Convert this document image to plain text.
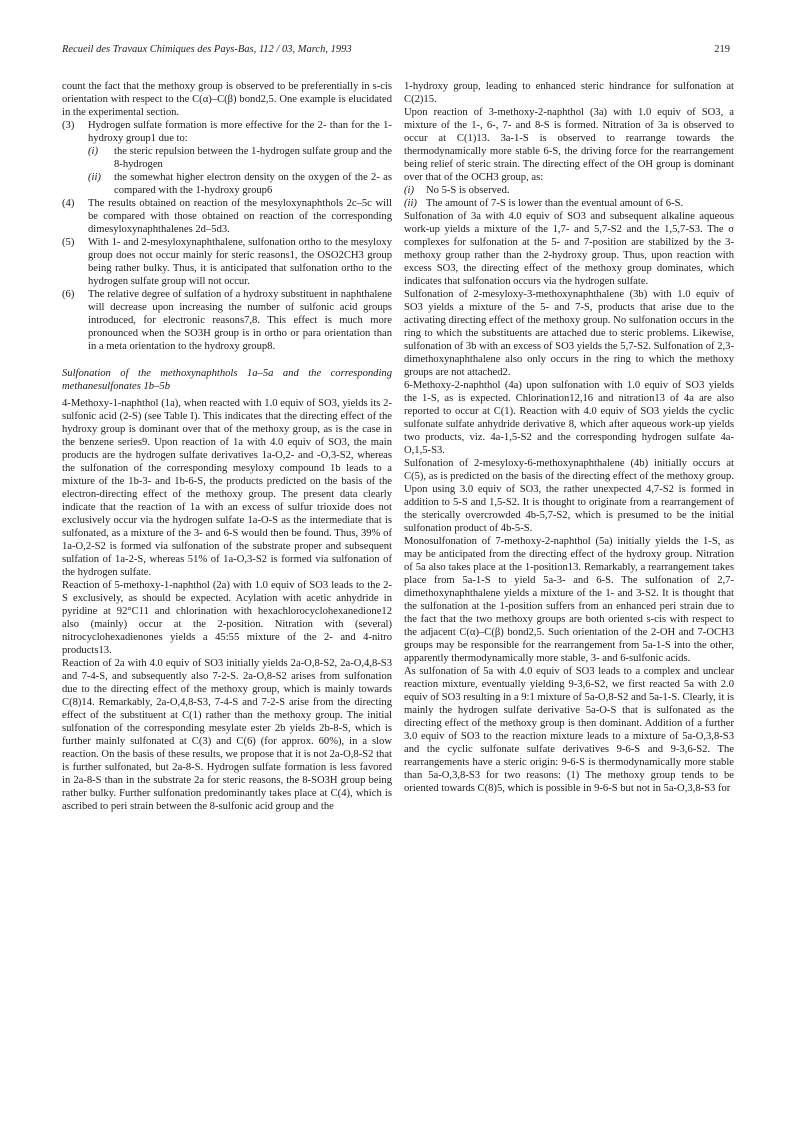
Recueil des Travaux Chimiques des Pays-Bas, 112 / 03, March, 1993	219
count the fact that the methoxy group is observed to be preferentially in s-cis orientation with respect to the C(α)–C(β) bond2,5. One example is elucidated in the experimental section.
(3)	Hydrogen sulfate formation is more effective for the 2- than for the 1-hydroxy group1 due to:
(i)	the steric repulsion between the 1-hydrogen sulfate group and the 8-hydrogen
(ii)	the somewhat higher electron density on the oxygen of the 2- as compared with the 1-hydroxy group6
(4)	The results obtained on reaction of the mesyloxynaphthols 2c–5c will be compared with those obtained on reaction of the corresponding dimesyloxynaphthalenes 2d–5d3.
(5)	With 1- and 2-mesyloxynaphthalene, sulfonation ortho to the mesyloxy group does not occur mainly for steric reasons1, the OSO2CH3 group being rather bulky. Thus, it is anticipated that sulfonation ortho to the hydrogen sulfate group will not occur.
(6)	The relative degree of sulfation of a hydroxy substituent in naphthalene will decrease upon increasing the number of sulfonic acid groups introduced, for electronic reasons7,8. This effect is much more pronounced when the SO3H group is in ortho or para orientation than in a meta orientation to the hydroxy group8.
Sulfonation of the methoxynaphthols 1a–5a and the corresponding methanesulfonates 1b–5b
4-Methoxy-1-naphthol (1a), when reacted with 1.0 equiv of SO3, yields its 2-sulfonic acid (2-S) (see Table I). This indicates that the directing effect of the hydroxy group is dominant over that of the methoxy group, as is the case in the benzene series9. Upon reaction of 1a with 4.0 equiv of SO3, the main products are the hydrogen sulfate derivatives 1a-O,2- and -O,3-S2, whereas the sulfonation of the corresponding mesyloxy compound 1b leads to a mixture of the 1b-3- and 1b-6-S, the products predicted on the basis of the electron-directing effect of the methoxy group. The present data clearly indicate that the reaction of 1a with an excess of sulfur trioxide does not exclusively occur via the hydrogen sulfate 1a-O-S as the intermediate that is sulfonated, as a mixture of the 3- and 6-S would then be found. Thus, 39% of 1a-O,2-S2 is formed via sulfonation of the substrate proper and subsequent sulfation of 1a-2-S, whereas 51% of 1a-O,3-S2 is formed via sulfonation of the hydrogen sulfate.
Reaction of 5-methoxy-1-naphthol (2a) with 1.0 equiv of SO3 leads to the 2-S exclusively, as should be expected. Acylation with acetic anhydride in pyridine at 92°C11 and chlorination with hexachlorocyclohexanedione12 also (mainly) occur at the 2-position. Nitration with (several) nitrocyclohexadienones yields a 45:55 mixture of the 2- and 4-nitro products13.
Reaction of 2a with 4.0 equiv of SO3 initially yields 2a-O,8-S2, 2a-O,4,8-S3 and 7-4-S, and subsequently also 7-2-S. 2a-O,8-S2 arises from sulfonation due to the directing effect of the methoxy group, which is mainly towards C(8)14. Remarkably, 2a-O,4,8-S3, 7-4-S and 7-2-S arise from the directing effect of the substituent at C(1) rather than the methoxy group. The initial sulfonation of the corresponding mesylate ester 2b yields 2b-8-S, which is further mainly sulfonated at C(3) and C(6) (for approx. 60%), in a slow reaction. On the basis of these results, we propose that it is not 2a-O,8-S2 that is further sulfonated, but 2a-8-S. Hydrogen sulfate formation is less favored in 2a-8-S than in the substrate 2a for steric reasons, the 8-SO3H group being rather bulky. Further sulfonation predominantly takes place at C(4), which is ascribed to peri strain between the 8-sulfonic acid group and the
1-hydroxy group, leading to enhanced steric hindrance for sulfonation at C(2)15.
Upon reaction of 3-methoxy-2-naphthol (3a) with 1.0 equiv of SO3, a mixture of the 1-, 6-, 7- and 8-S is formed. Nitration of 3a is observed to occur at C(1)13. 3a-1-S is observed to rearrange towards the thermodynamically more stable 6-S, the driving force for the rearrangement being relief of steric strain. The directing effect of the OH group is dominant over that of the OCH3 group, as:
(i)	No 5-S is observed.
(ii) The amount of 7-S is lower than the eventual amount of 6-S.
Sulfonation of 3a with 4.0 equiv of SO3 and subsequent alkaline aqueous work-up yields a mixture of the 1,7- and 5,7-S2 and the 1,5,7-S3. The σ complexes for sulfonation at the 5- and 7-position are stabilized by the 3-methoxy group rather than the 2-hydroxy group. Thus, upon reaction with excess SO3, the directing effect of the methoxy group dominates, which indicates that sulfonation occurs via the hydrogen sulfate.
Sulfonation of 2-mesyloxy-3-methoxynaphthalene (3b) with 1.0 equiv of SO3 yields a mixture of the 5- and 7-S, products that arise due to the activating directing effect of the methoxy group. No sulfonation occurs in the ring to which the substituents are attached due to steric problems. Likewise, sulfonation of 3b with an excess of SO3 yields the 5,7-S2. Sulfonation of 2,3-dimethoxynaphthalene also only occurs in the ring to which the methoxy groups are not attached2.
6-Methoxy-2-naphthol (4a) upon sulfonation with 1.0 equiv of SO3 yields the 1-S, as is expected. Chlorination12,16 and nitration13 of 4a are also reported to occur at C(1). Reaction with 4.0 equiv of SO3 yields the cyclic sulfonate sulfate anhydride derivative 8, which after aqueous work-up yields two products, viz. 4a-1,5-S2 and the corresponding hydrogen sulfate 4a-O,1,5-S3.
Sulfonation of 2-mesyloxy-6-methoxynaphthalene (4b) initially occurs at C(5), as is predicted on the basis of the directing effect of the methoxy group. Upon using 3.0 equiv of SO3, the rather unexpected 4,7-S2 is formed in addition to 5-S and 1,5-S2. It is thought to originate from a rearrangement of the sterically overcrowded 4b-5,7-S2, which is presumed to be the initial sulfonation product of 4b-5-S.
Monosulfonation of 7-methoxy-2-naphthol (5a) initially yields the 1-S, as may be anticipated from the directing effect of the hydroxy group. Nitration of 5a also takes place at the 1-position13. Remarkably, a rearrangement takes place from 5a-1-S to yield 5a-3- and 6-S. The sulfonation of 2,7-dimethoxynaphthalene yields a mixture of the 1- and 3-S2. It is thought that the sulfonation at the 1-position suffers from an enhanced peri strain due to the fact that the two methoxy groups are both oriented s-cis with respect to the adjacent C(α)–C(β) bond2,5. Such orientation of the 2-OH and 7-OCH3 groups may be responsible for the rearrangement from 5a-1-S into the other, apparently thermodynamically more stable, 3- and 6-sulfonic acids.
As sulfonation of 5a with 4.0 equiv of SO3 leads to a complex and unclear reaction mixture, eventually yielding 9-3,6-S2, we first reacted 5a with 2.0 equiv of SO3 resulting in a 9:1 mixture of 5a-O,8-S2 and 5a-1-S. Clearly, it is mainly the hydrogen sulfate derivative 5a-O-S that is sulfonated as the directing effect of the methoxy group is then dominant. Addition of a further 3.0 equiv of SO3 to the reaction mixture leads to a mixture of 5a-O,3,8-S3 and the cyclic sulfonate sulfate derivatives 9-6-S and 9-3,6-S2. The rearrangements have a steric origin: 9-6-S is thermodynamically more stable than 5a-O,3,8-S3 for two reasons: (1) The methoxy group tends to be oriented towards C(8)5, which is possible in 9-6-S but not in 5a-O,3,8-S3 for
